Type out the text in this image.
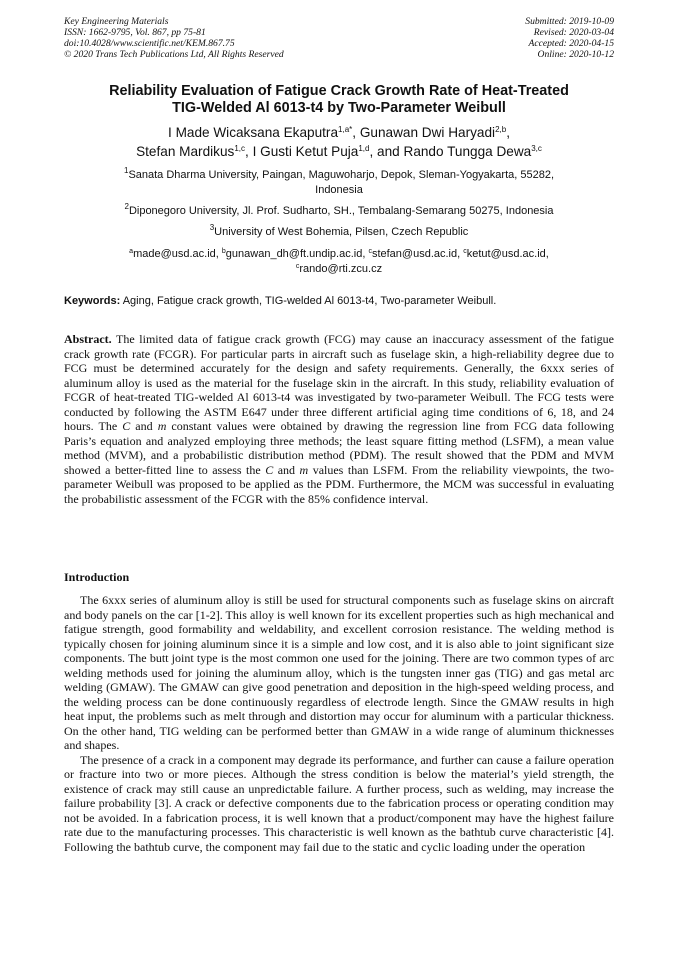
Key Engineering Materials
ISSN: 1662-9795, Vol. 867, pp 75-81
doi:10.4028/www.scientific.net/KEM.867.75
© 2020 Trans Tech Publications Ltd, All Rights Reserved
Submitted: 2019-10-09
Revised: 2020-03-04
Accepted: 2020-04-15
Online: 2020-10-12
Reliability Evaluation of Fatigue Crack Growth Rate of Heat-Treated
TIG-Welded Al 6013-t4 by Two-Parameter Weibull
I Made Wicaksana Ekaputra$^{1,a*}$, Gunawan Dwi Haryadi$^{2,b}$,
Stefan Mardikus$^{1,c}$, I Gusti Ketut Puja$^{1,d}$, and Rando Tungga Dewa$^{3,c}$
$^1$Sanata Dharma University, Paingan, Maguwoharjo, Depok, Sleman-Yogyakarta, 55282,
Indonesia
$^2$Diponegoro University, Jl. Prof. Sudharto, SH., Tembalang-Semarang 50275, Indonesia
$^3$University of West Bohemia, Pilsen, Czech Republic
$^a$made@usd.ac.id, $^b$gunawan_dh@ft.undip.ac.id, $^c$stefan@usd.ac.id, $^c$ketut@usd.ac.id,
$^c$rando@rti.zcu.cz
Keywords: Aging, Fatigue crack growth, TIG-welded Al 6013-t4, Two-parameter Weibull.
Abstract. The limited data of fatigue crack growth (FCG) may cause an inaccuracy assessment of the fatigue crack growth rate (FCGR). For particular parts in aircraft such as fuselage skin, a high-reliability degree due to FCG must be determined accurately for the design and safety requirements. Generally, the 6xxx series of aluminum alloy is used as the material for the fuselage skin in the aircraft. In this study, reliability evaluation of FCGR of heat-treated TIG-welded Al 6013-t4 was investigated by two-parameter Weibull. The FCG tests were conducted by following the ASTM E647 under three different artificial aging time conditions of 6, 18, and 24 hours. The C and m constant values were obtained by drawing the regression line from FCG data following Paris’s equation and analyzed employing three methods; the least square fitting method (LSFM), a mean value method (MVM), and a probabilistic distribution method (PDM). The result showed that the PDM and MVM showed a better-fitted line to assess the C and m values than LSFM. From the reliability viewpoints, the two-parameter Weibull was proposed to be applied as the PDM. Furthermore, the MCM was successful in evaluating the probabilistic assessment of the FCGR with the 85% confidence interval.
Introduction

The 6xxx series of aluminum alloy is still be used for structural components such as fuselage skins on aircraft and body panels on the car [1-2]. This alloy is well known for its excellent properties such as high mechanical and fatigue strength, good formability and weldability, and excellent corrosion resistance. The welding method is typically chosen for joining aluminum since it is a simple and low cost, and it is also able to joint significant size components. The butt joint type is the most common one used for the joining. There are two common types of arc welding methods used for joining the aluminum alloy, which is the tungsten inner gas (TIG) and gas metal arc welding (GMAW). The GMAW can give good penetration and deposition in the high-speed welding process, and the welding process can be done continuously regardless of electrode length. Since the GMAW results in high heat input, the problems such as melt through and distortion may occur for aluminum with a particular thickness. On the other hand, TIG welding can be performed better than GMAW in a wide range of aluminum thicknesses and shapes.

The presence of a crack in a component may degrade its performance, and further can cause a failure operation or fracture into two or more pieces. Although the stress condition is below the material’s yield strength, the existence of crack may still cause an unpredictable failure. A further process, such as welding, may increase the failure probability [3]. A crack or defective components due to the fabrication process or operating condition may not be avoided. In a fabrication process, it is well known that a product/component may have the highest failure rate due to the manufacturing processes. This characteristic is well known as the bathtub curve characteristic [4]. Following the bathtub curve, the component may fail due to the static and cyclic loading under the operation
